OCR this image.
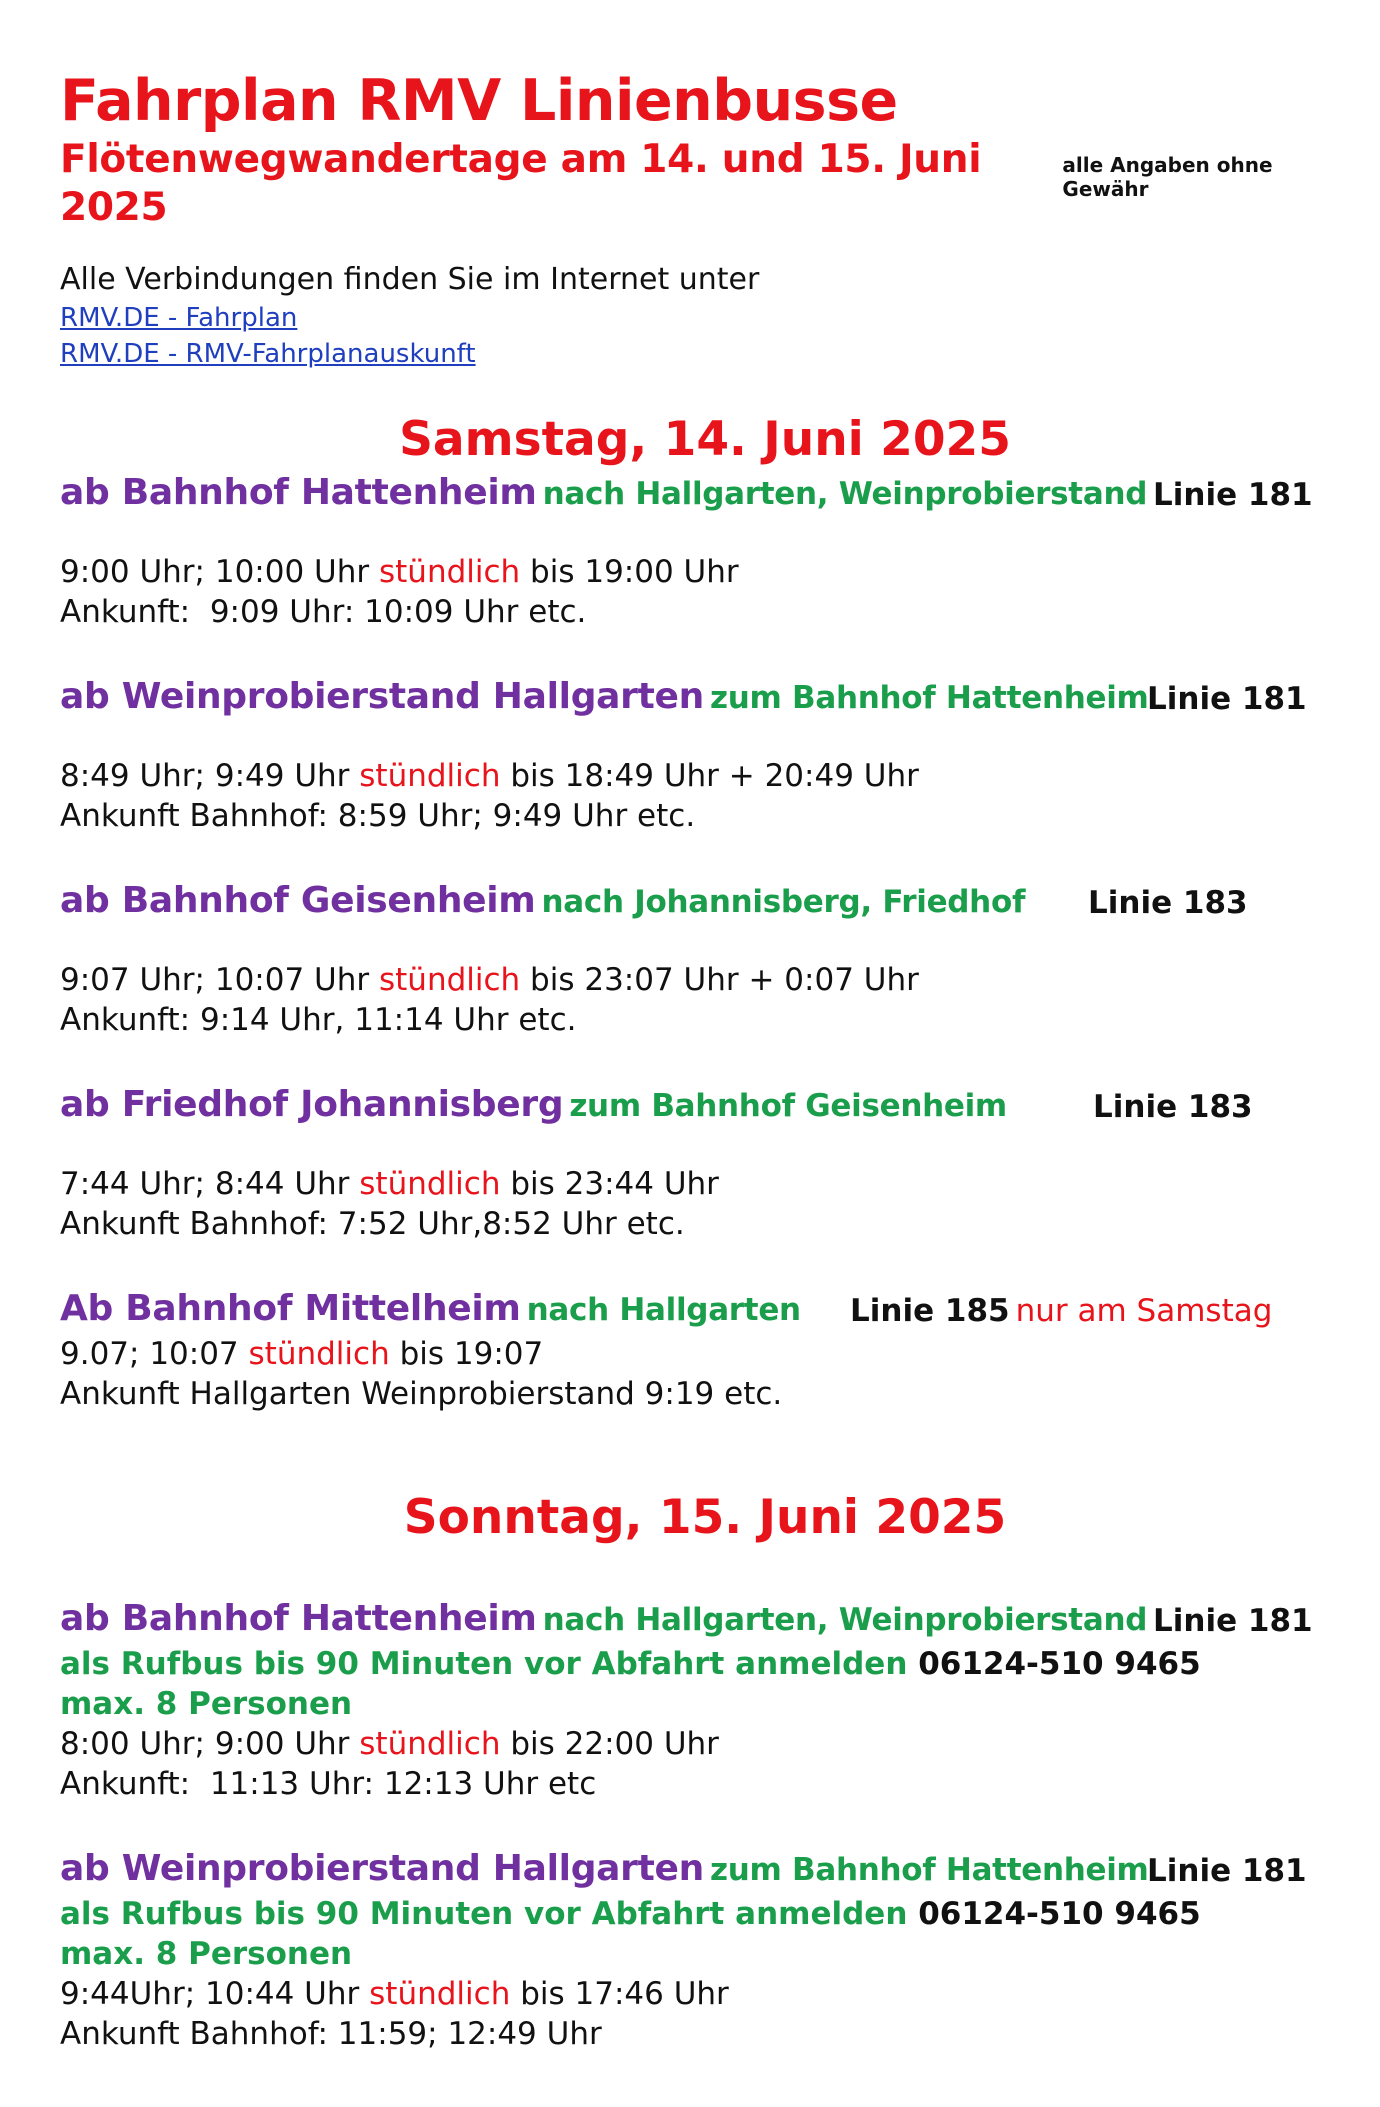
Fahrplan RMV Linienbusse
Flötenwegwandertage am 14. und 15. Juni 2025
alle Angaben ohne Gewähr
Alle Verbindungen finden Sie im Internet unter
RMV.DE - Fahrplan
RMV.DE - RMV-Fahrplanauskunft
Samstag, 14. Juni 2025
ab Bahnhof Hattenheim nach Hallgarten, Weinprobierstand Linie 181
9:00 Uhr; 10:00 Uhr stündlich bis 19:00 Uhr
Ankunft:  9:09 Uhr: 10:09 Uhr etc.
ab Weinprobierstand Hallgarten zum Bahnhof Hattenheim
Linie 181
8:49 Uhr; 9:49 Uhr stündlich bis 18:49 Uhr + 20:49 Uhr
Ankunft Bahnhof: 8:59 Uhr; 9:49 Uhr etc.
ab Bahnhof Geisenheim nach Johannisberg, Friedhof Linie 183
9:07 Uhr; 10:07 Uhr stündlich bis 23:07 Uhr + 0:07 Uhr
Ankunft: 9:14 Uhr, 11:14 Uhr etc.
ab Friedhof Johannisberg zum Bahnhof Geisenheim	Linie 183
7:44 Uhr; 8:44 Uhr stündlich bis 23:44 Uhr
Ankunft Bahnhof: 7:52 Uhr,8:52 Uhr etc.
Ab Bahnhof Mittelheim nach Hallgarten Linie 185 nur am Samstag
9.07; 10:07 stündlich bis 19:07
Ankunft Hallgarten Weinprobierstand 9:19 etc.
Sonntag, 15. Juni 2025
ab Bahnhof Hattenheim nach Hallgarten, Weinprobierstand Linie 181
als Rufbus bis 90 Minuten vor Abfahrt anmelden 06124-510 9465
max. 8 Personen
8:00 Uhr; 9:00 Uhr stündlich bis 22:00 Uhr
Ankunft:  11:13 Uhr: 12:13 Uhr etc
ab Weinprobierstand Hallgarten zum Bahnhof Hattenheim
Linie 181
als Rufbus bis 90 Minuten vor Abfahrt anmelden 06124-510 9465
max. 8 Personen
9:44Uhr; 10:44 Uhr stündlich bis 17:46 Uhr
Ankunft Bahnhof: 11:59; 12:49 Uhr
